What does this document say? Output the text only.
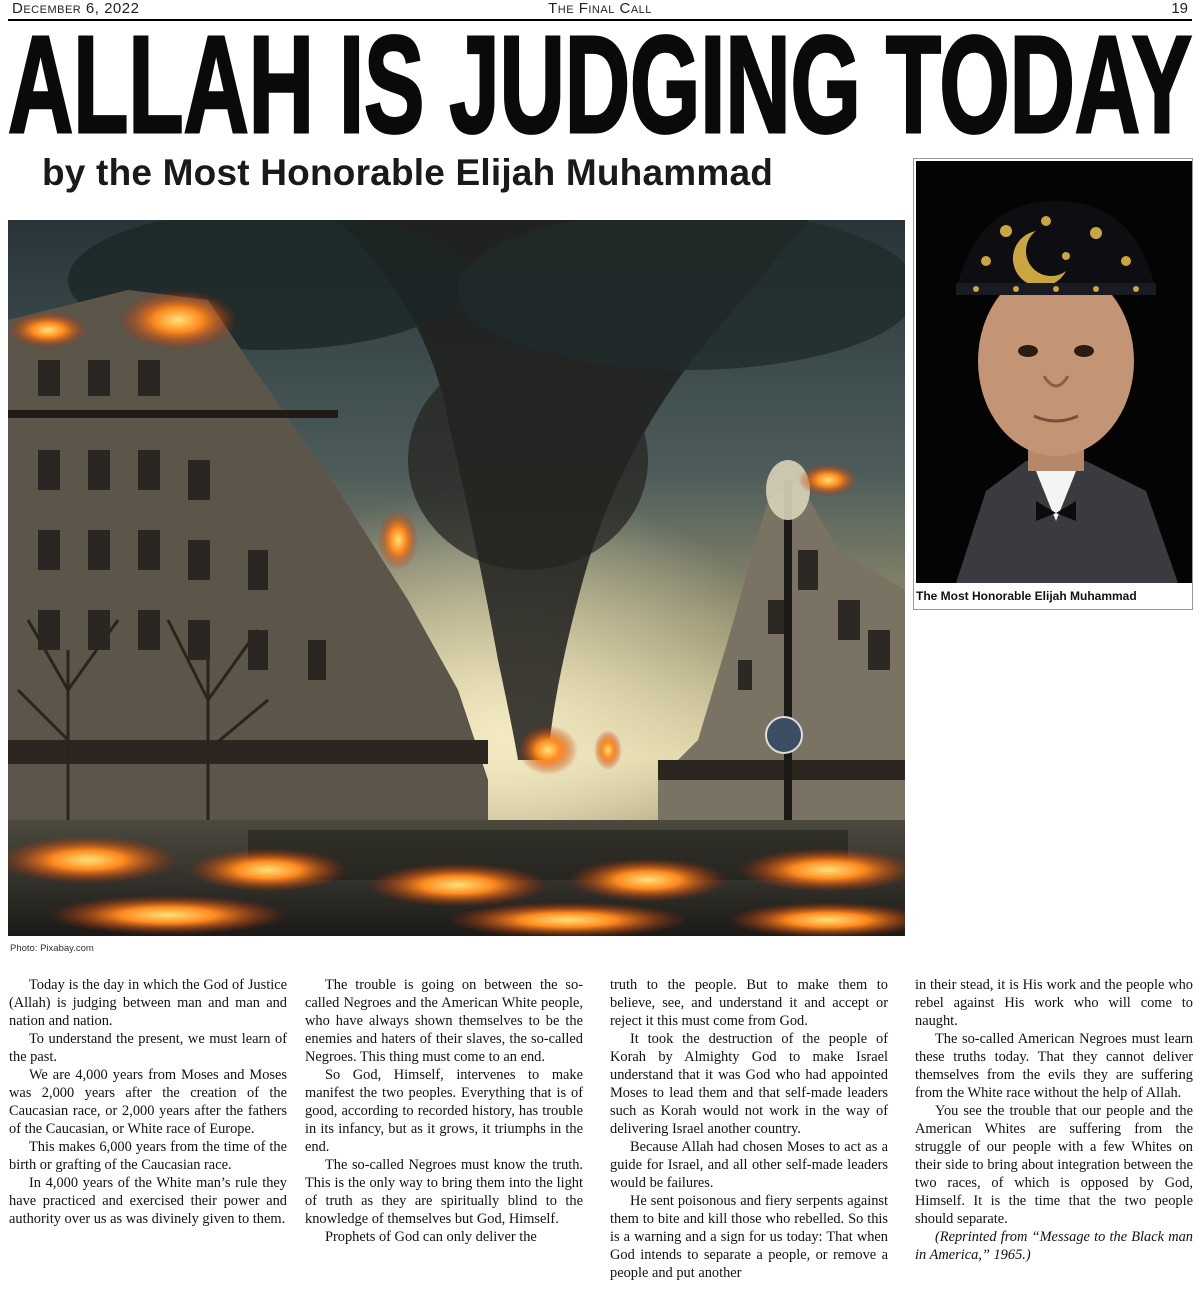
December 6, 2022	The Final Call	19
ALLAH IS JUDGING TODAY
by the Most Honorable Elijah Muhammad
Photo: Pixabay.com
The Most Honorable Elijah Muhammad

Today is the day in which the God of Justice (Allah) is judging between man and man and nation and nation.

To understand the present, we must learn of the past.

We are 4,000 years from Moses and Moses was 2,000 years after the creation of the Caucasian race, or 2,000 years after the fathers of the Caucasian, or White race of Europe.

This makes 6,000 years from the time of the birth or grafting of the Caucasian race.

In 4,000 years of the White man’s rule they have practiced and exercised their power and authority over us as was divinely given to them.

The trouble is going on between the so-called Negroes and the American White people, who have always shown themselves to be the enemies and haters of their slaves, the so-called Negroes. This thing must come to an end.

So God, Himself, intervenes to make manifest the two peoples. Everything that is of good, according to recorded history, has trouble in its infancy, but as it grows, it triumphs in the end.

The so-called Negroes must know the truth. This is the only way to bring them into the light of truth as they are spiritually blind to the knowledge of themselves but God, Himself.

Prophets of God can only deliver the

truth to the people. But to make them to believe, see, and understand it and accept or reject it this must come from God.

It took the destruction of the people of Korah by Almighty God to make Israel understand that it was God who had appointed Moses to lead them and that self-made leaders such as Korah would not work in the way of delivering Israel another country.

Because Allah had chosen Moses to act as a guide for Israel, and all other self-made leaders would be failures.

He sent poisonous and fiery serpents against them to bite and kill those who rebelled. So this is a warning and a sign for us today: That when God intends to separate a people, or remove a people and put another

in their stead, it is His work and the people who rebel against His work who will come to naught.

The so-called American Negroes must learn these truths today. That they cannot deliver themselves from the evils they are suffering from the White race without the help of Allah.

You see the trouble that our people and the American Whites are suffering from the struggle of our people with a few Whites on their side to bring about integration between the two races, of which is opposed by God, Himself. It is the time that the two people should separate.

(Reprinted from “Message to the Black man in America,” 1965.)
